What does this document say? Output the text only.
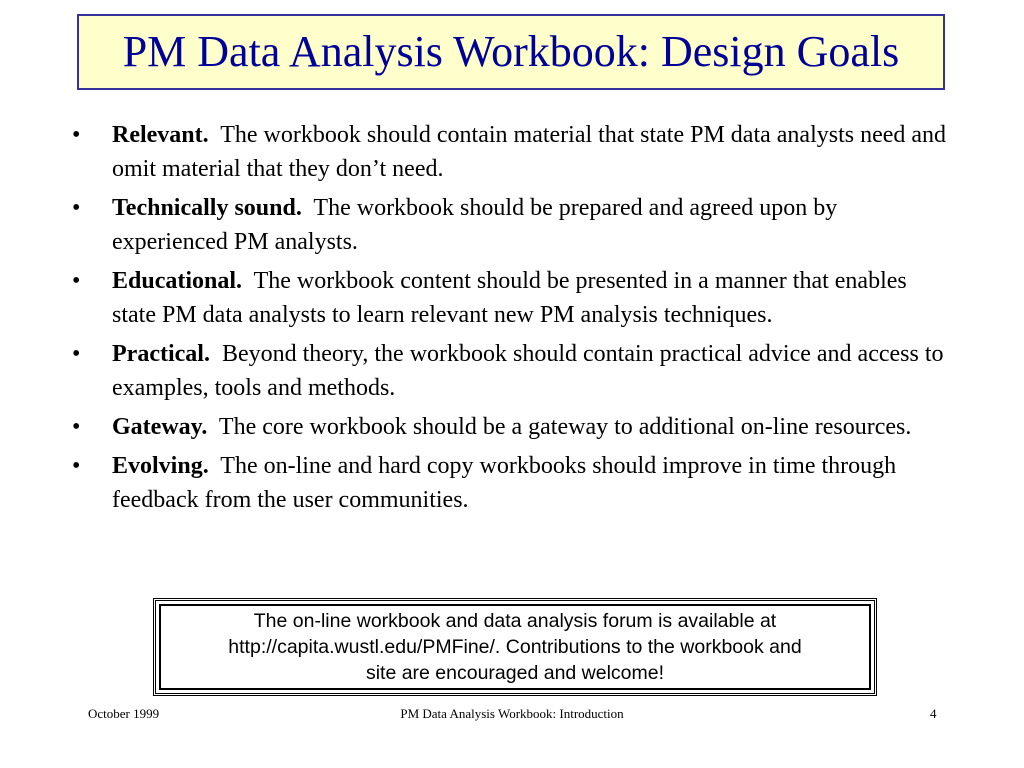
PM Data Analysis Workbook: Design Goals
•	Relevant. The workbook should contain material that state PM data analysts need and omit material that they don’t need.
•	Technically sound. The workbook should be prepared and agreed upon by experienced PM analysts.
•	Educational. The workbook content should be presented in a manner that enables state PM data analysts to learn relevant new PM analysis techniques.
•	Practical. Beyond theory, the workbook should contain practical advice and access to examples, tools and methods.
•	Gateway. The core workbook should be a gateway to additional on-line resources.
•	Evolving. The on-line and hard copy workbooks should improve in time through feedback from the user communities.
The on-line workbook and data analysis forum is available at
http://capita.wustl.edu/PMFine/. Contributions to the workbook and
site are encouraged and welcome!
October 1999	PM Data Analysis Workbook: Introduction	4
